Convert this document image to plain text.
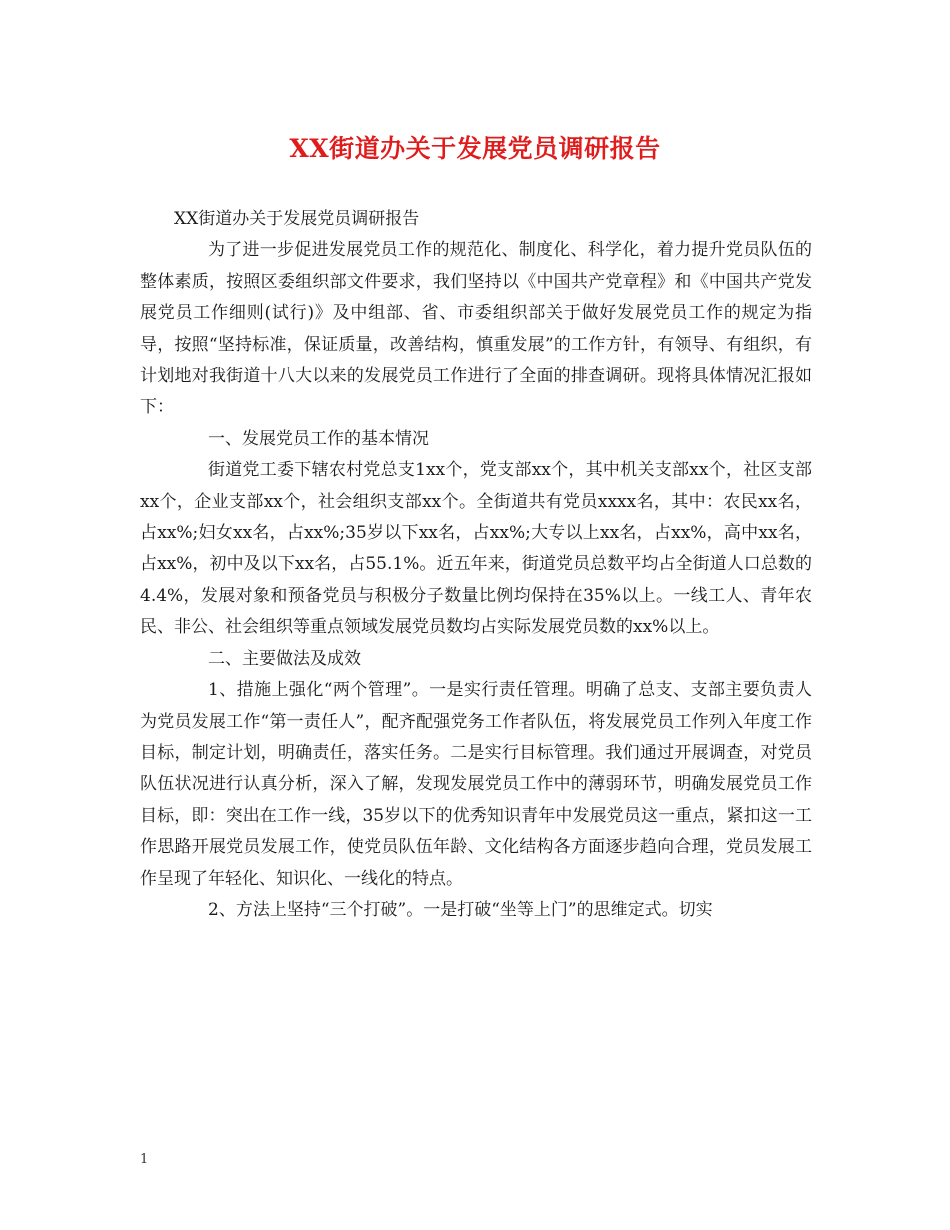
XX街道办关于发展党员调研报告

XX街道办关于发展党员调研报告

为了进一步促进发展党员工作的规范化、制度化、科学化，着力提升党员队伍的整体素质，按照区委组织部文件要求，我们坚持以《中国共产党章程》和《中国共产党发展党员工作细则(试行)》及中组部、省、市委组织部关于做好发展党员工作的规定为指导，按照“坚持标准，保证质量，改善结构，慎重发展”的工作方针，有领导、有组织，有计划地对我街道十八大以来的发展党员工作进行了全面的排查调研。现将具体情况汇报如下：

一、发展党员工作的基本情况

街道党工委下辖农村党总支1xx个，党支部xx个，其中机关支部xx个，社区支部xx个，企业支部xx个，社会组织支部xx个。全街道共有党员xxxx名，其中：农民xx名，占xx%;妇女xx名，占xx%;35岁以下xx名，占xx%;大专以上xx名，占xx%，高中xx名，占xx%，初中及以下xx名，占55.1%。近五年来，街道党员总数平均占全街道人口总数的4.4%，发展对象和预备党员与积极分子数量比例均保持在35%以上。一线工人、青年农民、非公、社会组织等重点领域发展党员数均占实际发展党员数的xx%以上。

二、主要做法及成效

1、措施上强化“两个管理”。一是实行责任管理。明确了总支、支部主要负责人为党员发展工作“第一责任人”，配齐配强党务工作者队伍，将发展党员工作列入年度工作目标，制定计划，明确责任，落实任务。二是实行目标管理。我们通过开展调查，对党员队伍状况进行认真分析，深入了解，发现发展党员工作中的薄弱环节，明确发展党员工作目标，即：突出在工作一线，35岁以下的优秀知识青年中发展党员这一重点，紧扣这一工作思路开展党员发展工作，使党员队伍年龄、文化结构各方面逐步趋向合理，党员发展工作呈现了年轻化、知识化、一线化的特点。

2、方法上坚持“三个打破”。一是打破“坐等上门”的思维定式。切实

1
